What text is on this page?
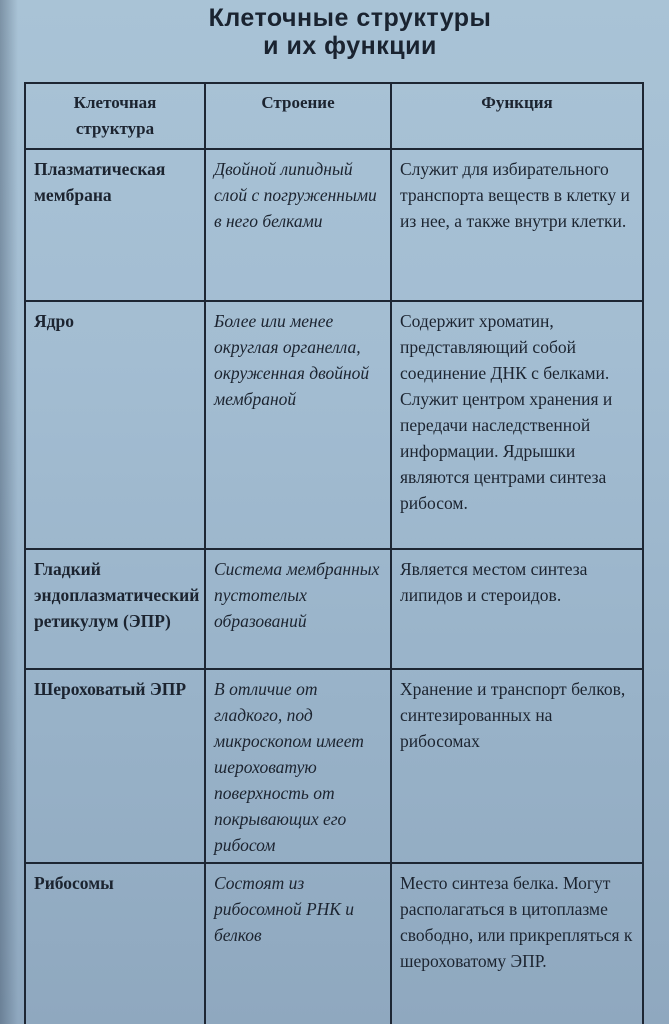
Клеточные структуры
и их функции
Клеточная структура	Строение	Функция
Плазматическая мембрана	Двойной липидный слой с погруженными в него белками	Служит для избирательного транспорта веществ в клетку и из нее, а также внутри клетки.
Ядро	Более или менее округлая органелла, окруженная двойной мембраной	Содержит хроматин, представляющий собой соединение ДНК с белками. Служит центром хранения и передачи наследственной информации. Ядрышки являются центрами синтеза рибосом.
Гладкий эндоплазматический ретикулум (ЭПР)	Система мембранных пустотелых образований	Является местом синтеза липидов и стероидов.
Шероховатый ЭПР	В отличие от гладкого, под микроскопом имеет шероховатую поверхность от покрывающих его рибосом	Хранение и транспорт белков, синтезированных на рибосомах
Рибосомы	Состоят из рибосомной РНК и белков	Место синтеза белка. Могут располагаться в цитоплазме свободно, или прикрепляться к шероховатому ЭПР.
